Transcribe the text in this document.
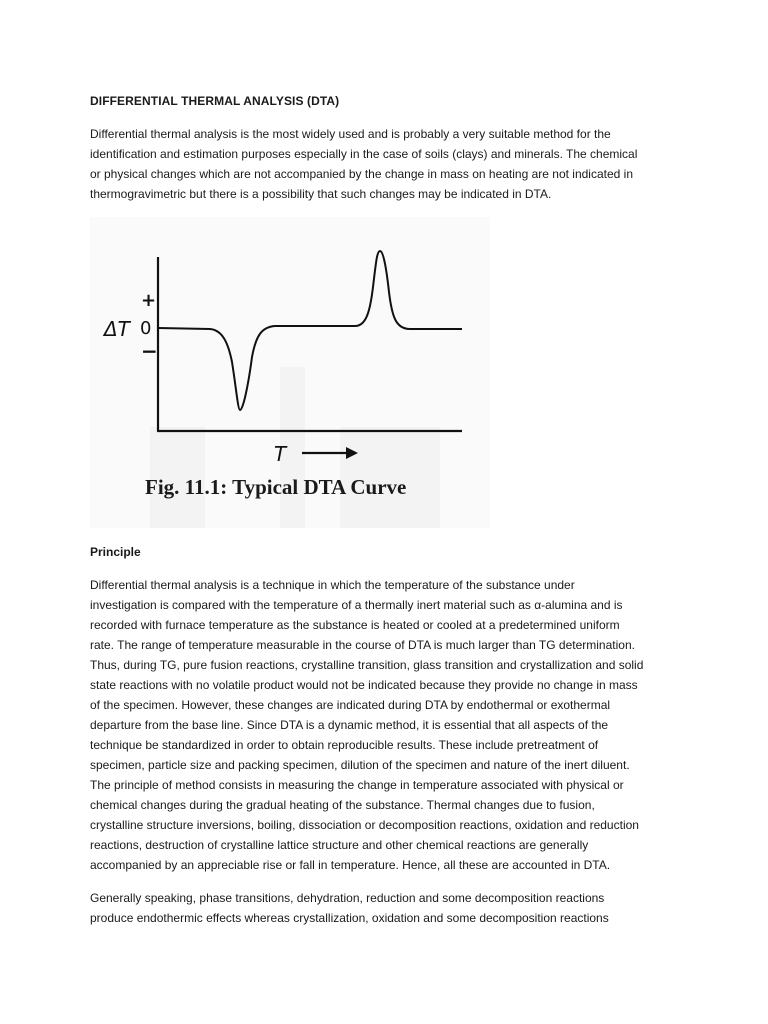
DIFFERENTIAL THERMAL ANALYSIS (DTA)
Differential thermal analysis is the most widely used and is probably a very suitable method for the
identification and estimation purposes especially in the case of soils (clays) and minerals. The chemical
or physical changes which are not accompanied by the change in mass on heating are not indicated in
thermogravimetric but there is a possibility that such changes may be indicated in DTA.
ΔT
+
0
−
T
Fig. 11.1: Typical DTA Curve
Principle
Differential thermal analysis is a technique in which the temperature of the substance under
investigation is compared with the temperature of a thermally inert material such as α-alumina and is
recorded with furnace temperature as the substance is heated or cooled at a predetermined uniform
rate. The range of temperature measurable in the course of DTA is much larger than TG determination.
Thus, during TG, pure fusion reactions, crystalline transition, glass transition and crystallization and solid
state reactions with no volatile product would not be indicated because they provide no change in mass
of the specimen. However, these changes are indicated during DTA by endothermal or exothermal
departure from the base line. Since DTA is a dynamic method, it is essential that all aspects of the
technique be standardized in order to obtain reproducible results. These include pretreatment of
specimen, particle size and packing specimen, dilution of the specimen and nature of the inert diluent.
The principle of method consists in measuring the change in temperature associated with physical or
chemical changes during the gradual heating of the substance. Thermal changes due to fusion,
crystalline structure inversions, boiling, dissociation or decomposition reactions, oxidation and reduction
reactions, destruction of crystalline lattice structure and other chemical reactions are generally
accompanied by an appreciable rise or fall in temperature. Hence, all these are accounted in DTA.
Generally speaking, phase transitions, dehydration, reduction and some decomposition reactions
produce endothermic effects whereas crystallization, oxidation and some decomposition reactions
